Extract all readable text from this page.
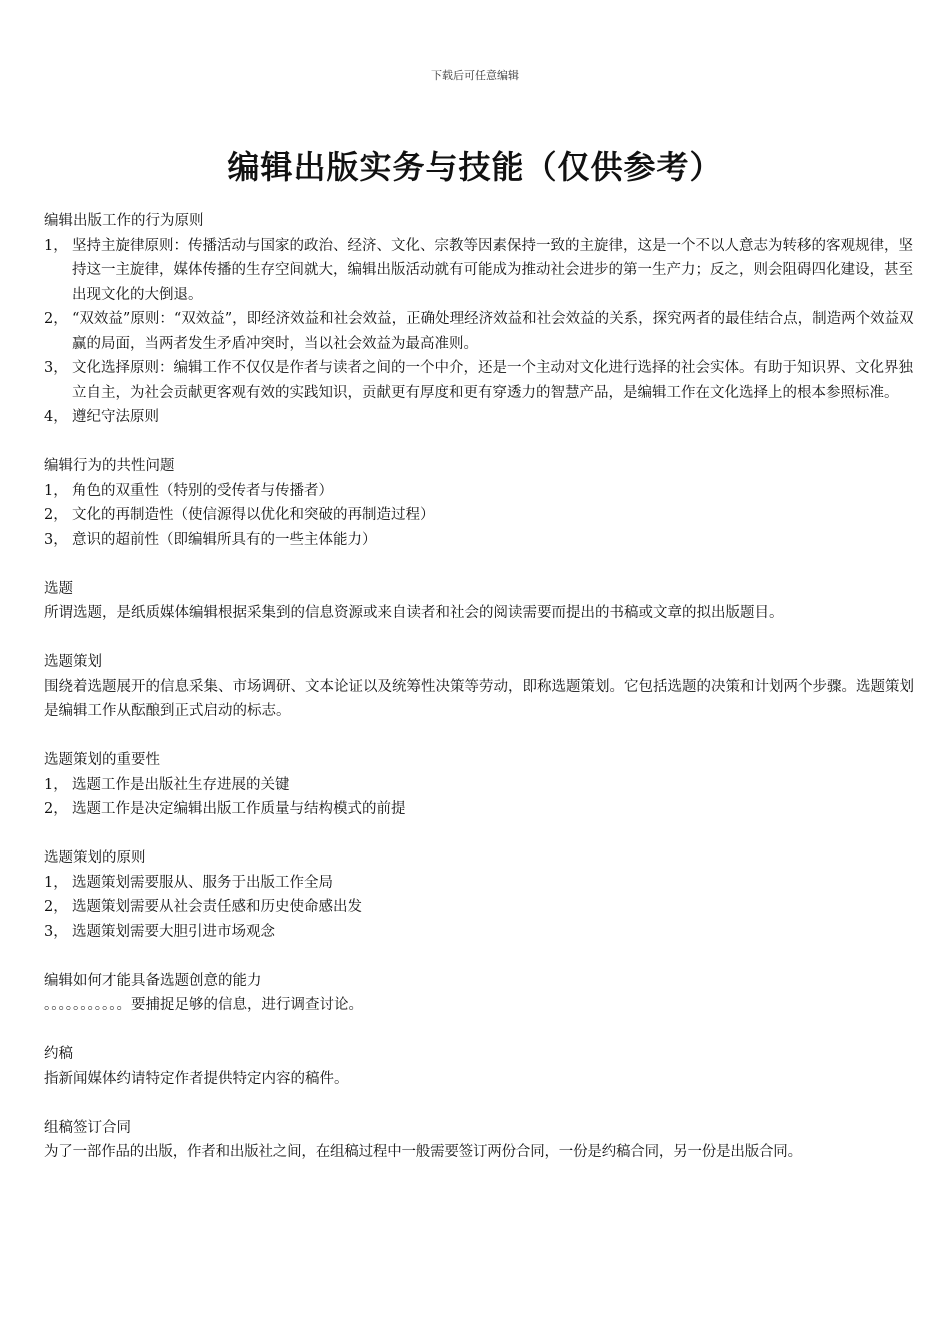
下载后可任意编辑
编辑出版实务与技能（仅供参考）
编辑出版工作的行为原则
1， 坚持主旋律原则：传播活动与国家的政治、经济、文化、宗教等因素保持一致的主旋律，这是一个不以人意志为转移的客观规律，坚持这一主旋律，媒体传播的生存空间就大，编辑出版活动就有可能成为推动社会进步的第一生产力；反之，则会阻碍四化建设，甚至出现文化的大倒退。
2， “双效益”原则：“双效益”，即经济效益和社会效益，正确处理经济效益和社会效益的关系，探究两者的最佳结合点，制造两个效益双赢的局面，当两者发生矛盾冲突时，当以社会效益为最高准则。
3， 文化选择原则：编辑工作不仅仅是作者与读者之间的一个中介，还是一个主动对文化进行选择的社会实体。有助于知识界、文化界独立自主，为社会贡献更客观有效的实践知识，贡献更有厚度和更有穿透力的智慧产品，是编辑工作在文化选择上的根本参照标准。
4， 遵纪守法原则
编辑行为的共性问题
1， 角色的双重性（特别的受传者与传播者）
2， 文化的再制造性（使信源得以优化和突破的再制造过程）
3， 意识的超前性（即编辑所具有的一些主体能力）
选题
所谓选题，是纸质媒体编辑根据采集到的信息资源或来自读者和社会的阅读需要而提出的书稿或文章的拟出版题目。
选题策划
围绕着选题展开的信息采集、市场调研、文本论证以及统筹性决策等劳动，即称选题策划。它包括选题的决策和计划两个步骤。选题策划是编辑工作从酝酿到正式启动的标志。
选题策划的重要性
1， 选题工作是出版社生存进展的关键
2， 选题工作是决定编辑出版工作质量与结构模式的前提
选题策划的原则
1， 选题策划需要服从、服务于出版工作全局
2， 选题策划需要从社会责任感和历史使命感出发
3， 选题策划需要大胆引进市场观念
编辑如何才能具备选题创意的能力
。。。。。。。。。。。要捕捉足够的信息，进行调查讨论。
约稿
指新闻媒体约请特定作者提供特定内容的稿件。
组稿签订合同
为了一部作品的出版，作者和出版社之间，在组稿过程中一般需要签订两份合同，一份是约稿合同，另一份是出版合同。
